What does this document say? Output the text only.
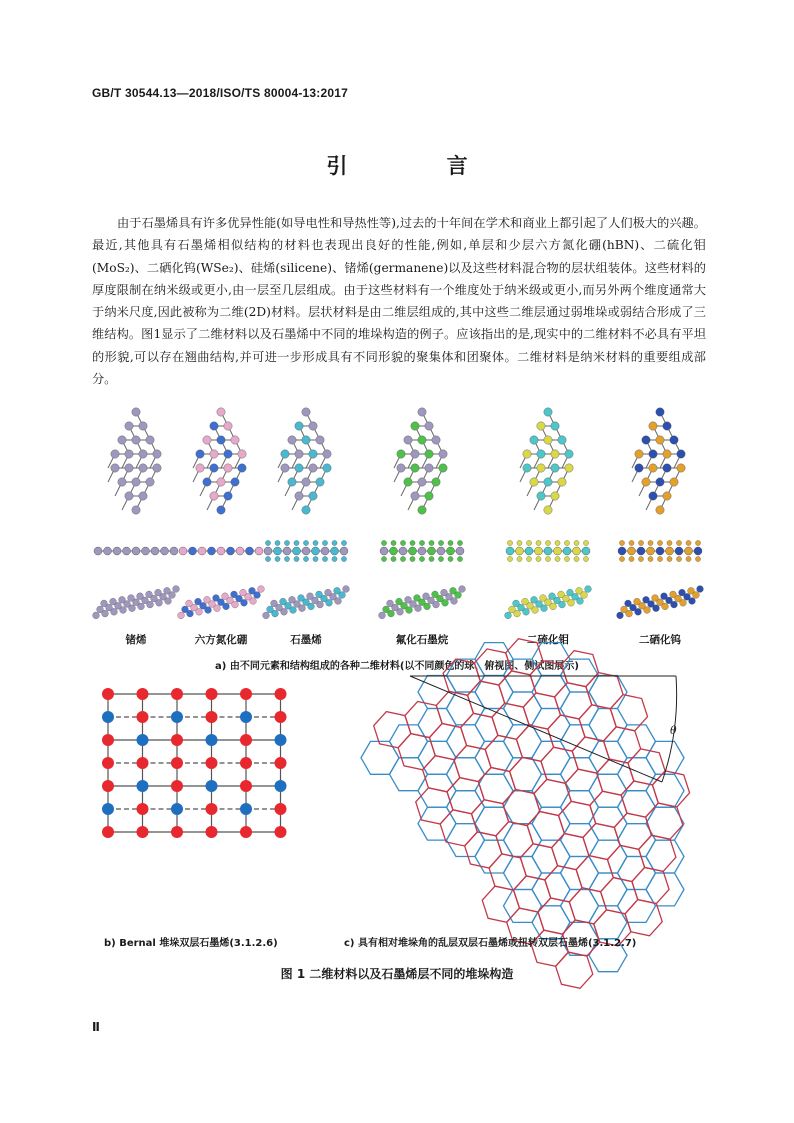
GB/T 30544.13—2018/ISO/TS 80004-13:2017
引 言

由于石墨烯具有许多优异性能(如导电性和导热性等),过去的十年间在学术和商业上都引起了人们极大的兴趣。最近,其他具有石墨烯相似结构的材料也表现出良好的性能,例如,单层和少层六方氮化硼(hBN)、二硫化钼(MoS₂)、二硒化钨(WSe₂)、硅烯(silicene)、锗烯(germanene)以及这些材料混合物的层状组装体。这些材料的厚度限制在纳米级或更小,由一层至几层组成。由于这些材料有一个维度处于纳米级或更小,而另外两个维度通常大于纳米尺度,因此被称为二维(2D)材料。层状材料是由二维层组成的,其中这些二维层通过弱堆垛或弱结合形成了三维结构。图1显示了二维材料以及石墨烯中不同的堆垛构造的例子。应该指出的是,现实中的二维材料不必具有平坦的形貌,可以存在翘曲结构,并可进一步形成具有不同形貌的聚集体和团聚体。二维材料是纳米材料的重要组成部分。

锗烯	六方氮化硼	石墨烯	氟化石墨烷	二硫化钼	二硒化钨
a) 由不同元素和结构组成的各种二维材料(以不同颜色的球、俯视图、侧试图展示)
θ
b) Bernal 堆垛双层石墨烯(3.1.2.6)	c) 具有相对堆垛角的乱层双层石墨烯或扭转双层石墨烯(3.1.2.7)
图 1 二维材料以及石墨烯层不同的堆垛构造
Ⅱ
